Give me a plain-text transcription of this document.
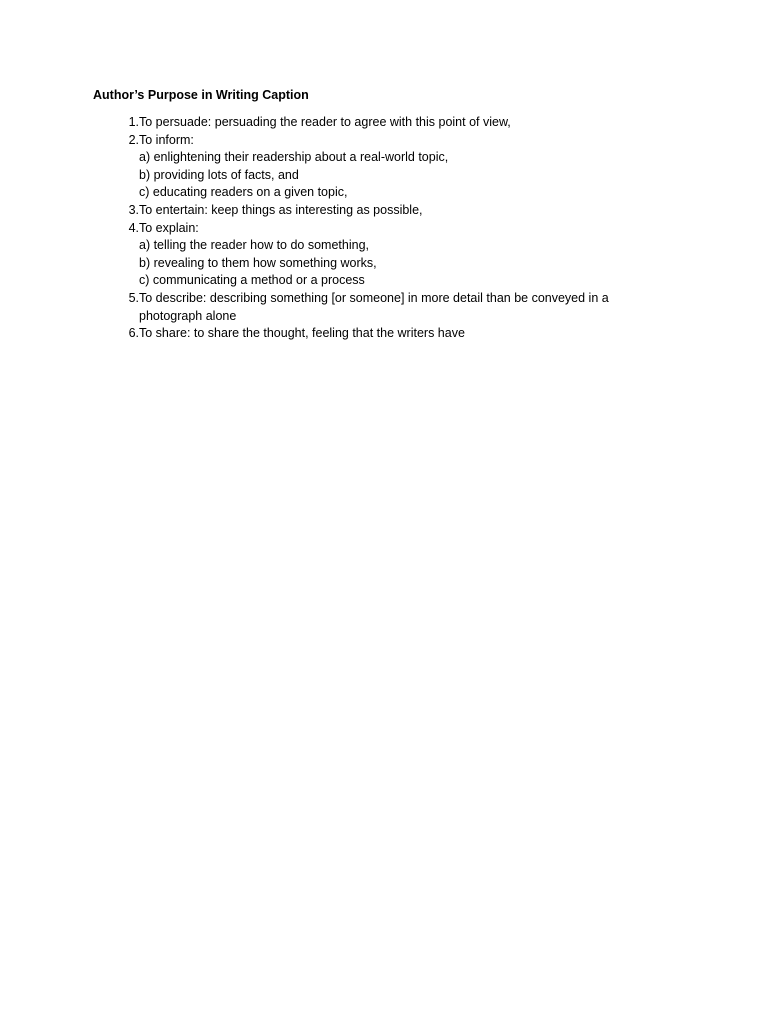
Author’s Purpose in Writing Caption
1. To persuade: persuading the reader to agree with this point of view,
2. To inform:
a) enlightening their readership about a real-world topic,
b) providing lots of facts, and
c) educating readers on a given topic,
3. To entertain: keep things as interesting as possible,
4. To explain:
a) telling the reader how to do something,
b) revealing to them how something works,
c) communicating a method or a process
5. To describe: describing something [or someone] in more detail than be conveyed in a photograph alone
6. To share: to share the thought, feeling that the writers have
